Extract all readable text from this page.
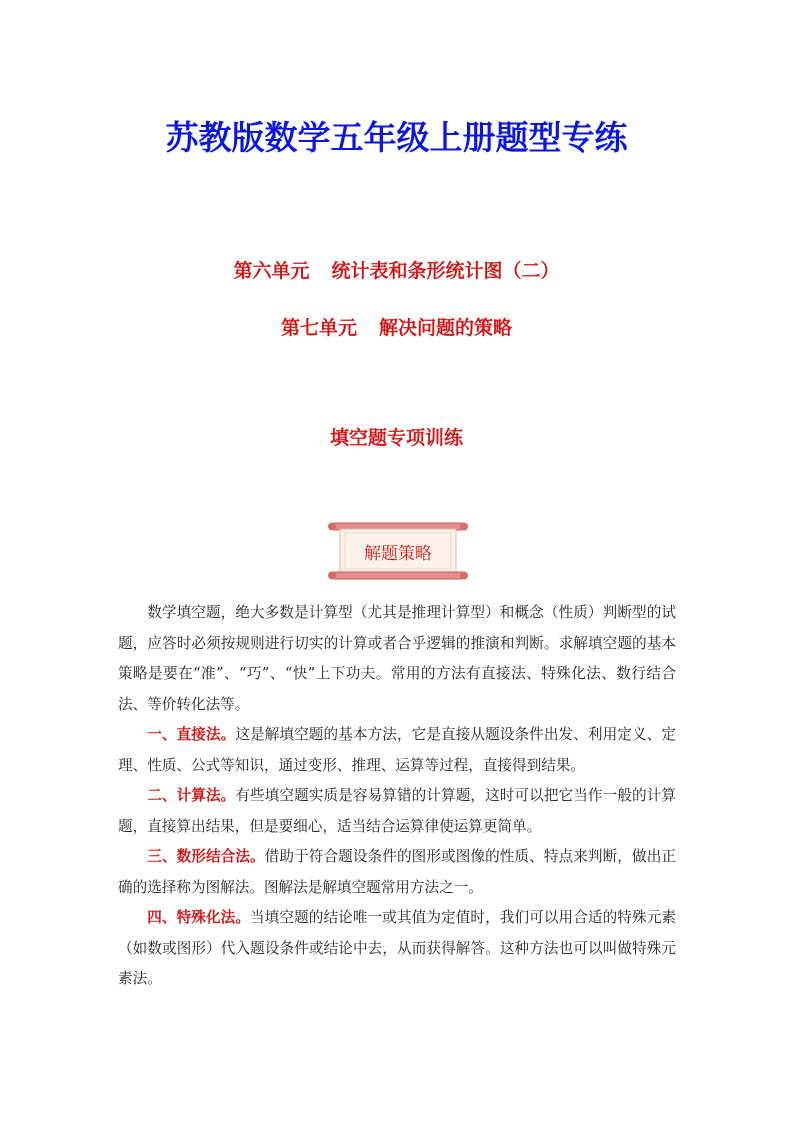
苏教版数学五年级上册题型专练
第六单元 统计表和条形统计图（二）
第七单元 解决问题的策略
填空题专项训练
解题策略

数学填空题，绝大多数是计算型（尤其是推理计算型）和概念（性质）判断型的试题，应答时必须按规则进行切实的计算或者合乎逻辑的推演和判断。求解填空题的基本策略是要在“准”、“巧”、“快”上下功夫。常用的方法有直接法、特殊化法、数行结合法、等价转化法等。

一、直接法。这是解填空题的基本方法，它是直接从题设条件出发、利用定义、定理、性质、公式等知识，通过变形、推理、运算等过程，直接得到结果。

二、计算法。有些填空题实质是容易算错的计算题，这时可以把它当作一般的计算题，直接算出结果，但是要细心，适当结合运算律使运算更简单。

三、数形结合法。借助于符合题设条件的图形或图像的性质、特点来判断，做出正确的选择称为图解法。图解法是解填空题常用方法之一。

四、特殊化法。当填空题的结论唯一或其值为定值时，我们可以用合适的特殊元素（如数或图形）代入题设条件或结论中去，从而获得解答。这种方法也可以叫做特殊元素法。
